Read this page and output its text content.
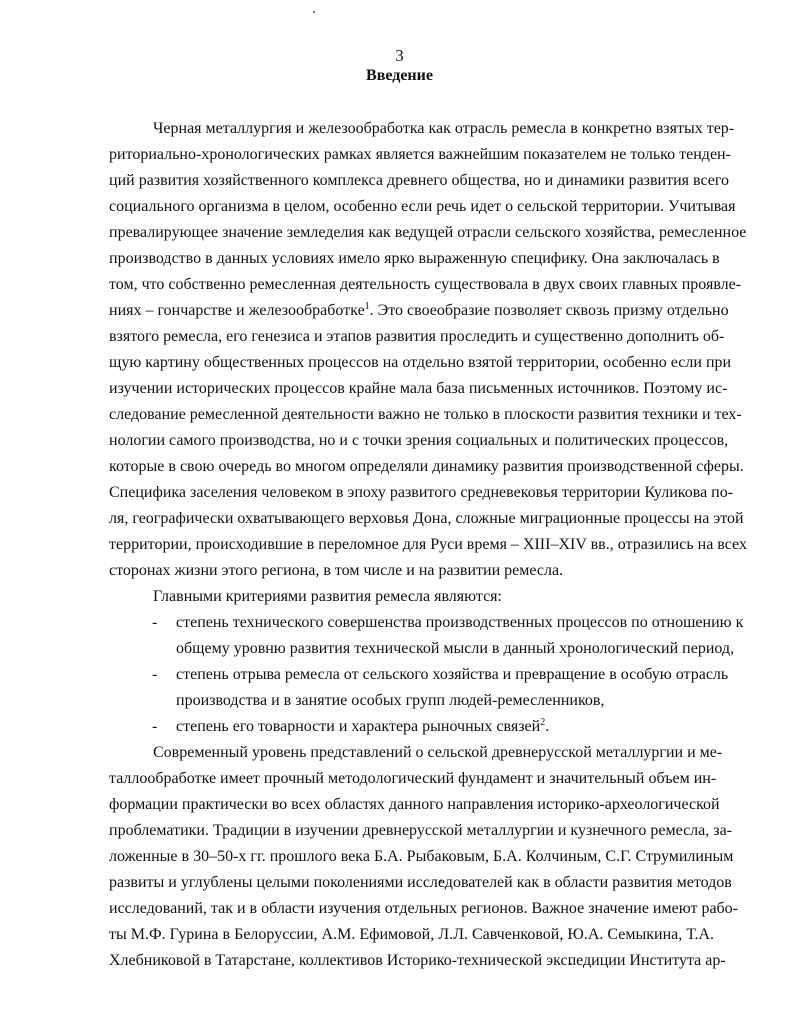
3
Введение
Черная металлургия и железообработка как отрасль ремесла в конкретно взятых тер-
риториально-хронологических рамках является важнейшим показателем не только тенден-
ций развития хозяйственного комплекса древнего общества, но и динамики развития всего
социального организма в целом, особенно если речь идет о сельской территории. Учитывая
превалирующее значение земледелия как ведущей отрасли сельского хозяйства, ремесленное
производство в данных условиях имело ярко выраженную специфику. Она заключалась в
том, что собственно ремесленная деятельность существовала в двух своих главных проявле-
ниях – гончарстве и железообработке$^1$. Это своеобразие позволяет сквозь призму отдельно
взятого ремесла, его генезиса и этапов развития проследить и существенно дополнить об-
щую картину общественных процессов на отдельно взятой территории, особенно если при
изучении исторических процессов крайне мала база письменных источников. Поэтому ис-
следование ремесленной деятельности важно не только в плоскости развития техники и тех-
нологии самого производства, но и с точки зрения социальных и политических процессов,
которые в свою очередь во многом определяли динамику развития производственной сферы.
Специфика заселения человеком в эпоху развитого средневековья территории Куликова по-
ля, географически охватывающего верховья Дона, сложные миграционные процессы на этой
территории, происходившие в переломное для Руси время – XIII–XIV вв., отразились на всех
сторонах жизни этого региона, в том числе и на развитии ремесла.
Главными критериями развития ремесла являются:
- степень технического совершенства производственных процессов по отношению к
общему уровню развития технической мысли в данный хронологический период,
- степень отрыва ремесла от сельского хозяйства и превращение в особую отрасль
производства и в занятие особых групп людей-ремесленников,
- степень его товарности и характера рыночных связей$^2$.
Современный уровень представлений о сельской древнерусской металлургии и ме-
таллообработке имеет прочный методологический фундамент и значительный объем ин-
формации практически во всех областях данного направления историко-археологической
проблематики. Традиции в изучении древнерусской металлургии и кузнечного ремесла, за-
ложенные в 30–50-х гг. прошлого века Б.А. Рыбаковым, Б.А. Колчиным, С.Г. Струмилиным
развиты и углублены целыми поколениями исследователей как в области развития методов
исследований, так и в области изучения отдельных регионов. Важное значение имеют рабо-
ты М.Ф. Гурина в Белоруссии, А.М. Ефимовой, Л.Л. Савченковой, Ю.А. Семыкина, Т.А.
Хлебниковой в Татарстане, коллективов Историко-технической экспедиции Института ар-
